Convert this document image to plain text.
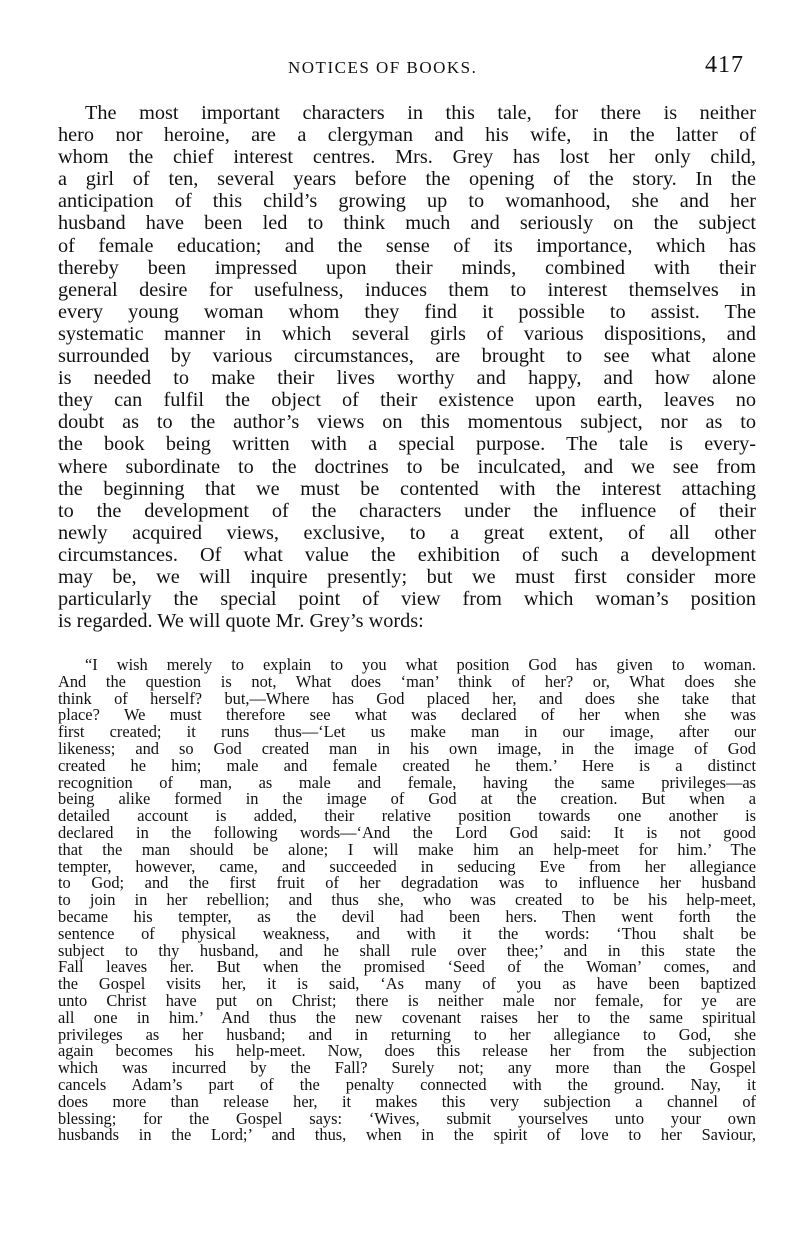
NOTICES OF BOOKS.	417
The most important characters in this tale, for there is neither
hero nor heroine, are a clergyman and his wife, in the latter of
whom the chief interest centres. Mrs. Grey has lost her only child,
a girl of ten, several years before the opening of the story. In the
anticipation of this child’s growing up to womanhood, she and her
husband have been led to think much and seriously on the subject
of female education; and the sense of its importance, which has
thereby been impressed upon their minds, combined with their
general desire for usefulness, induces them to interest themselves in
every young woman whom they find it possible to assist. The
systematic manner in which several girls of various dispositions, and
surrounded by various circumstances, are brought to see what alone
is needed to make their lives worthy and happy, and how alone
they can fulfil the object of their existence upon earth, leaves no
doubt as to the author’s views on this momentous subject, nor as to
the book being written with a special purpose. The tale is every-
where subordinate to the doctrines to be inculcated, and we see from
the beginning that we must be contented with the interest attaching
to the development of the characters under the influence of their
newly acquired views, exclusive, to a great extent, of all other
circumstances. Of what value the exhibition of such a development
may be, we will inquire presently; but we must first consider more
particularly the special point of view from which woman’s position
is regarded. We will quote Mr. Grey’s words:
“I wish merely to explain to you what position God has given to woman.
And the question is not, What does ‘man’ think of her? or, What does she
think of herself? but,—Where has God placed her, and does she take that
place? We must therefore see what was declared of her when she was
first created; it runs thus—‘Let us make man in our image, after our
likeness; and so God created man in his own image, in the image of God
created he him; male and female created he them.’ Here is a distinct
recognition of man, as male and female, having the same privileges—as
being alike formed in the image of God at the creation. But when a
detailed account is added, their relative position towards one another is
declared in the following words—‘And the Lord God said: It is not good
that the man should be alone; I will make him an help-meet for him.’ The
tempter, however, came, and succeeded in seducing Eve from her allegiance
to God; and the first fruit of her degradation was to influence her husband
to join in her rebellion; and thus she, who was created to be his help-meet,
became his tempter, as the devil had been hers. Then went forth the
sentence of physical weakness, and with it the words: ‘Thou shalt be
subject to thy husband, and he shall rule over thee;’ and in this state the
Fall leaves her. But when the promised ‘Seed of the Woman’ comes, and
the Gospel visits her, it is said, ‘As many of you as have been baptized
unto Christ have put on Christ; there is neither male nor female, for ye are
all one in him.’ And thus the new covenant raises her to the same spiritual
privileges as her husband; and in returning to her allegiance to God, she
again becomes his help-meet. Now, does this release her from the subjection
which was incurred by the Fall? Surely not; any more than the Gospel
cancels Adam’s part of the penalty connected with the ground. Nay, it
does more than release her, it makes this very subjection a channel of
blessing; for the Gospel says: ‘Wives, submit yourselves unto your own
husbands in the Lord;’ and thus, when in the spirit of love to her Saviour,
